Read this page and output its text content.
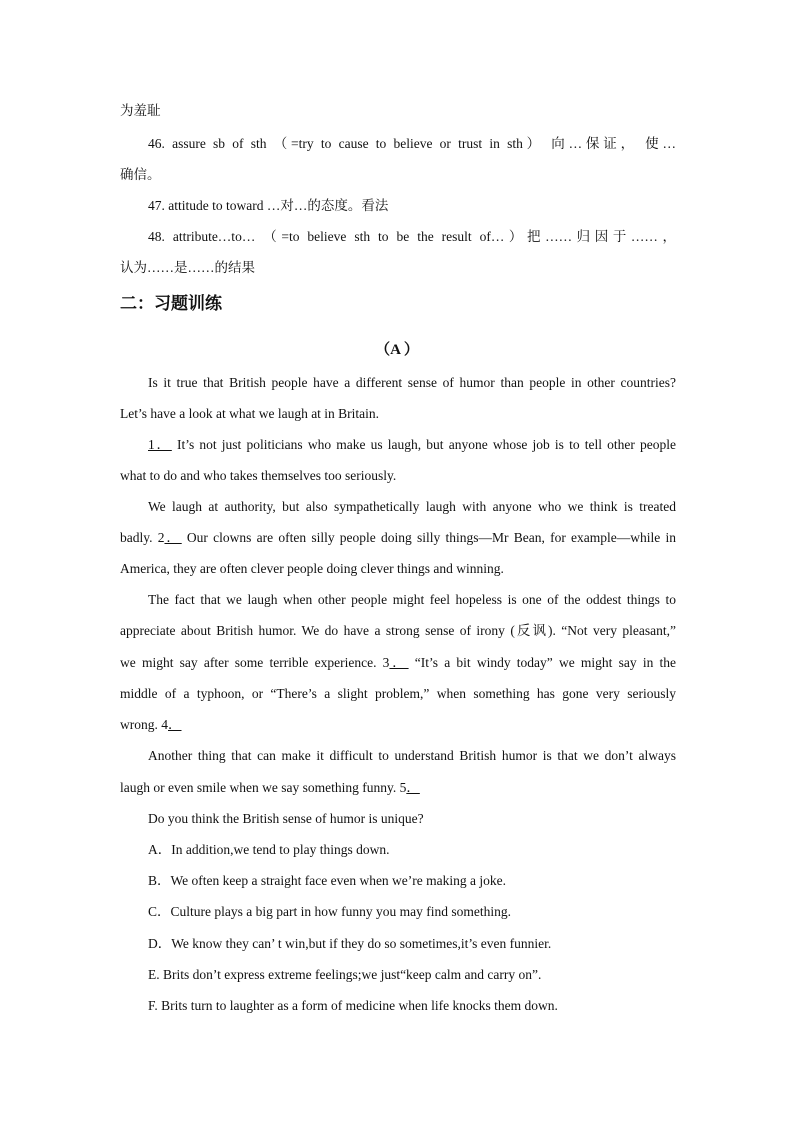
为羞耻
46. assure sb of sth （=try to cause to believe or trust in sth） 向…保证， 使…
确信。
47. attitude to toward …对…的态度。看法
48. attribute…to… （=to believe sth to be the result of…）把……归因于……，
认为……是……的结果
二：习题训练
（A ）
Is it true that British people have a different sense of humor than people in other countries?
Let’s have a look at what we laugh at in Britain.
1． It’s not just politicians who make us laugh, but anyone whose job is to tell other people
what to do and who takes themselves too seriously.
We laugh at authority, but also sympathetically laugh with anyone who we think is treated
badly. 2． Our clowns are often silly people doing silly things—Mr Bean, for example—while in
America, they are often clever people doing clever things and winning.
The fact that we laugh when other people might feel hopeless is one of the oddest things to
appreciate about British humor. We do have a strong sense of irony (反讽). “Not very pleasant,”
we might say after some terrible experience. 3． “It’s a bit windy today” we might say in the
middle of a typhoon, or “There’s a slight problem,” when something has gone very seriously
wrong. 4．
Another thing that can make it difficult to understand British humor is that we don’t always
laugh or even smile when we say something funny. 5．
Do you think the British sense of humor is unique?
A．In addition,we tend to play things down.
B．We often keep a straight face even when we’re making a joke.
C．Culture plays a big part in how funny you may find something.
D．We know they can’ t win,but if they do so sometimes,it’s even funnier.
E. Brits don’t express extreme feelings;we just“keep calm and carry on”.
F. Brits turn to laughter as a form of medicine when life knocks them down.
